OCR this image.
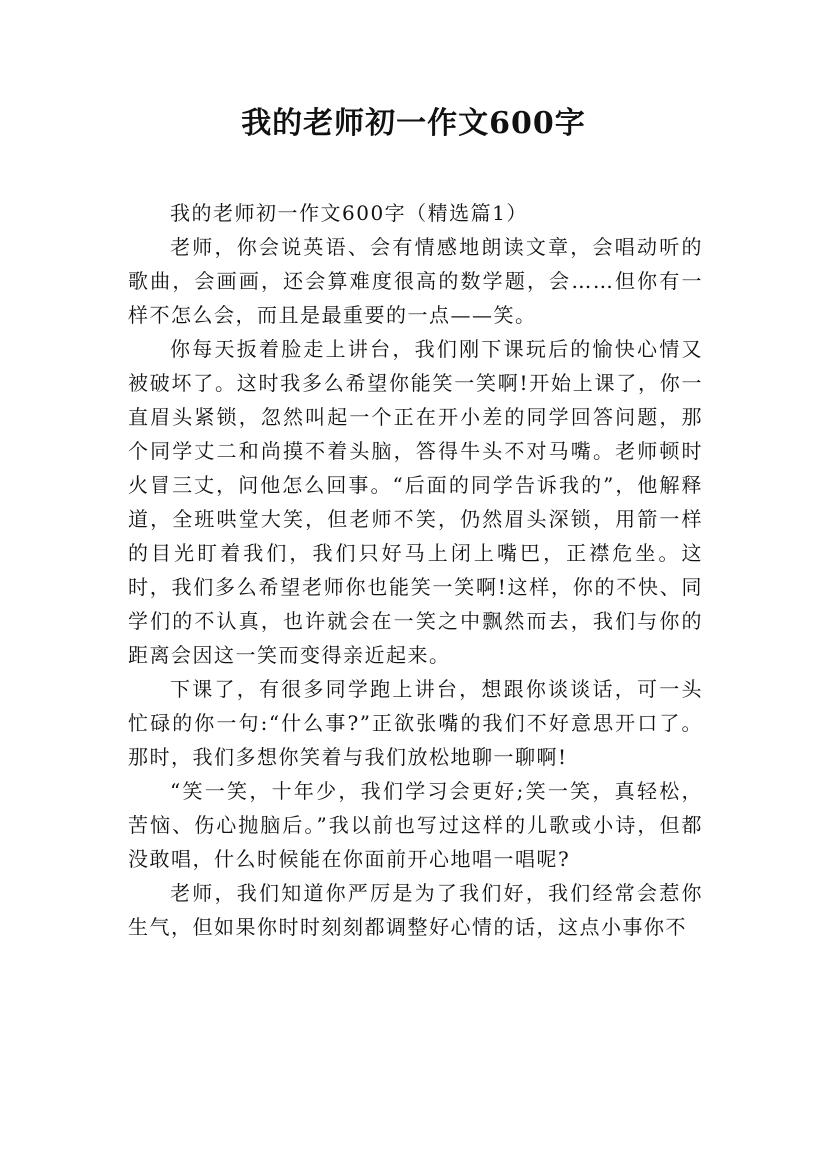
我的老师初一作文600字

我的老师初一作文600字（精选篇1）

老师，你会说英语、会有情感地朗读文章，会唱动听的歌曲，会画画，还会算难度很高的数学题，会……但你有一样不怎么会，而且是最重要的一点——笑。

你每天扳着脸走上讲台，我们刚下课玩后的愉快心情又被破坏了。这时我多么希望你能笑一笑啊!开始上课了，你一直眉头紧锁，忽然叫起一个正在开小差的同学回答问题，那个同学丈二和尚摸不着头脑，答得牛头不对马嘴。老师顿时火冒三丈，问他怎么回事。“后面的同学告诉我的”，他解释道，全班哄堂大笑，但老师不笑，仍然眉头深锁，用箭一样的目光盯着我们，我们只好马上闭上嘴巴，正襟危坐。这时，我们多么希望老师你也能笑一笑啊!这样，你的不快、同学们的不认真，也许就会在一笑之中飘然而去，我们与你的距离会因这一笑而变得亲近起来。

下课了，有很多同学跑上讲台，想跟你谈谈话，可一头忙碌的你一句:“什么事?”正欲张嘴的我们不好意思开口了。那时，我们多想你笑着与我们放松地聊一聊啊!

“笑一笑，十年少，我们学习会更好;笑一笑，真轻松，苦恼、伤心抛脑后。”我以前也写过这样的儿歌或小诗，但都没敢唱，什么时候能在你面前开心地唱一唱呢?

老师，我们知道你严厉是为了我们好，我们经常会惹你生气，但如果你时时刻刻都调整好心情的话，这点小事你不
